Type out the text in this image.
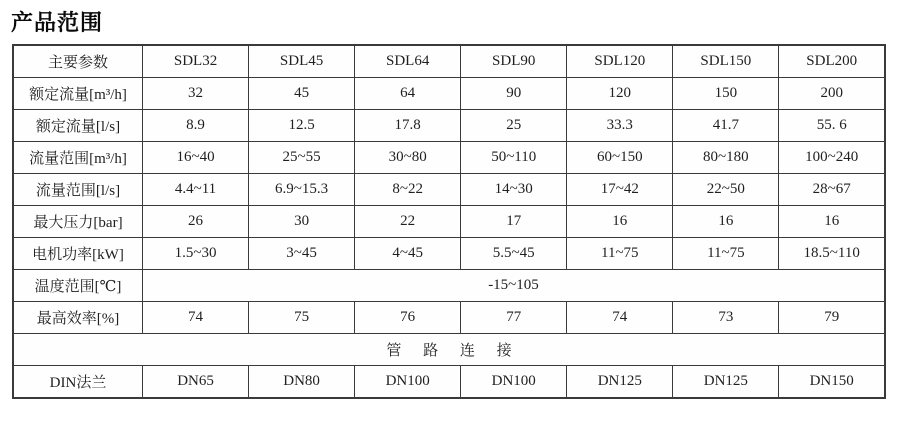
产品范围
主要参数	SDL32	SDL45	SDL64	SDL90	SDL120	SDL150	SDL200
额定流量[m³/h]	32	45	64	90	120	150	200
额定流量[l/s]	8.9	12.5	17.8	25	33.3	41.7	55. 6
流量范围[m³/h]	16~40	25~55	30~80	50~110	60~150	80~180	100~240
流量范围[l/s]	4.4~11	6.9~15.3	8~22	14~30	17~42	22~50	28~67
最大压力[bar]	26	30	22	17	16	16	16
电机功率[kW]	1.5~30	3~45	4~45	5.5~45	11~75	11~75	18.5~110
温度范围[℃]	-15~105						
最高效率[%]	74	75	76	77	74	73	79
管 路 连 接							
DIN法兰	DN65	DN80	DN100	DN100	DN125	DN125	DN150
